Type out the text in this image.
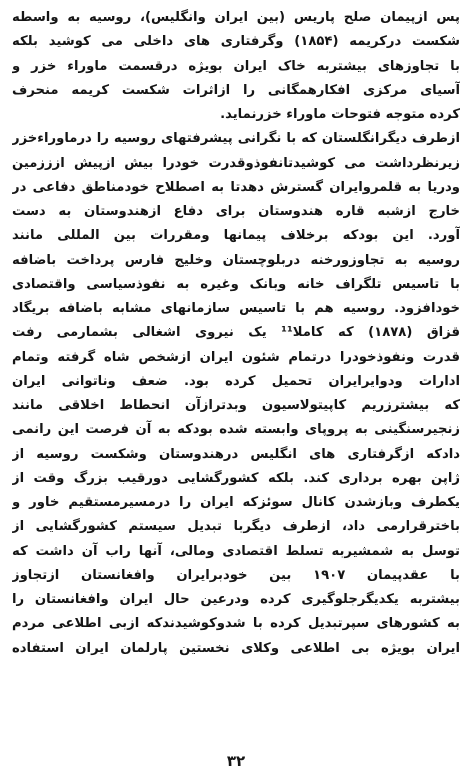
پس ازپیمان صلح پاریس (بین ایران وانگلیس)، روسیه به واسطه
شکست درکریمه (۱۸۵۴) وگرفتاری های داخلی می کوشید بلکه
با تجاوزهای بیشتربه خاک ایران بویژه درقسمت ماوراء خزر و
آسیای مرکزی افکارهمگانی را ازاثرات شکست کریمه منحرف
کرده متوجه فتوحات ماوراء خزرنماید.
ازطرف دیگرانگلستان که با نگرانی پیشرفتهای روسیه را درماوراءخزر
زیرنظرداشت می کوشیدتانفوذوقدرت خودرا بیش ازپیش ازززمین
ودریا به قلمروایران گسترش دهدتا به اصطلاح خودمناطق دفاعی در
خارج ازشبه قاره هندوستان برای دفاع ازهندوستان به دست
آورد. این بودکه برخلاف پیمانها ومقررات بین المللی مانند
روسیه به تجاوزورخنه دربلوچستان وخلیج فارس پرداخت باضافه
با تاسیس تلگراف خانه وبانک وغیره به نفوذسیاسی واقتصادی
خودافزود. روسیه هم با تاسیس سازمانهای مشابه باضافه بریگاد
قزاق (۱۸۷۸) که کاملا¹¹ یک نیروی اشغالی بشمارمی رفت
قدرت ونفوذخودرا درتمام شئون ایران ازشخص شاه گرفته وتمام
ادارات ودوایرایران تحمیل کرده بود. ضعف وناتوانی ایران
که بیشترزریم کاپیتولاسیون وبدترازآن انحطاط اخلاقی مانند
زنجیرسنگینی به پروپای وابسته شده بودکه به آن فرصت این رانمی
دادکه ازگرفتاری های انگلیس درهندوستان وشکست روسیه از
ژاپن بهره برداری کند. بلکه کشورگشایی دورقیب بزرگ وقت از
یکطرف وبازشدن کانال سوئزکه ایران را درمسیرمستقیم خاور و
باخترقرارمی داد، ازطرف دیگربا تبدیل سیستم کشورگشایی از
توسل به شمشیربه تسلط اقتصادی ومالی، آنها راب آن داشت که
با عقدپیمان ۱۹۰۷ بین خودبرایران وافغانستان ازتجاوز
بیشتربه یکدیگرجلوگیری کرده ودرعین حال ایران وافغانستان را
به کشورهای سپرتبدیل کرده با شدوکوشیدندکه ازبی اطلاعی مردم
ایران بویژه بی اطلاعی وکلای نخستین پارلمان ایران استفاده
۳۲
